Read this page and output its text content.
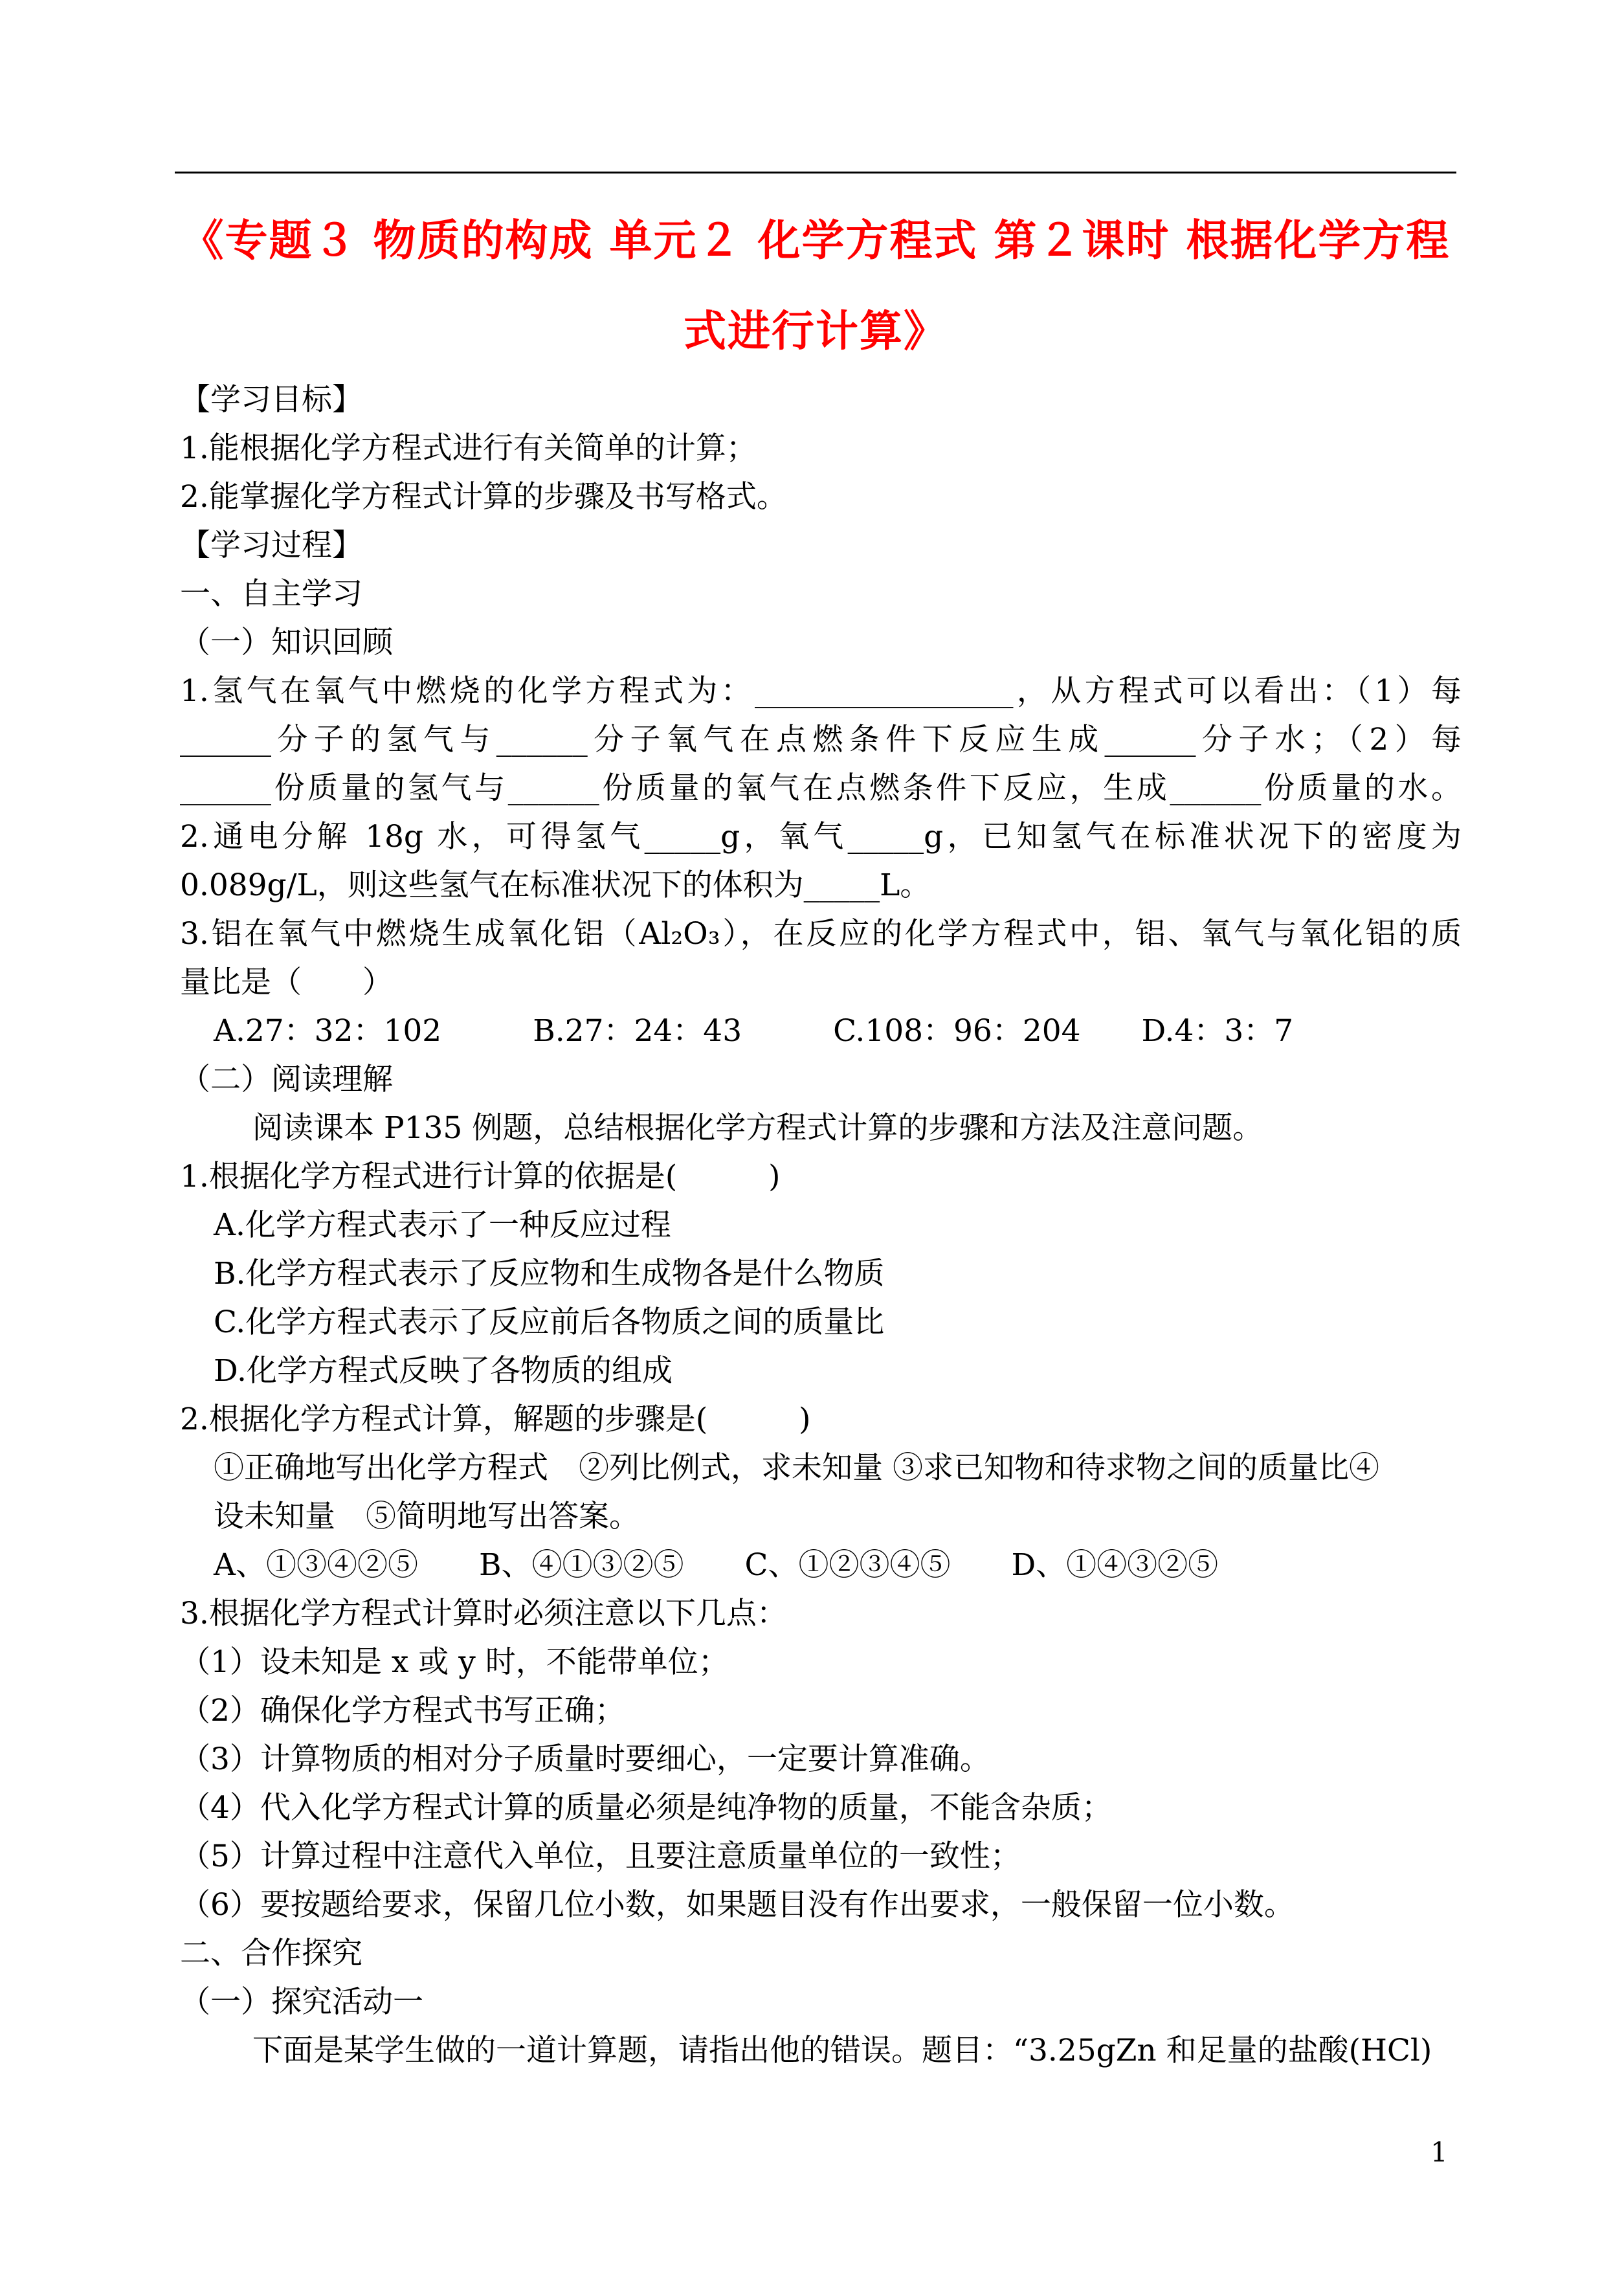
《专题３ 物质的构成 单元２ 化学方程式 第２课时 根据化学方程
式进行计算》
【学习目标】
1.能根据化学方程式进行有关简单的计算；
2.能掌握化学方程式计算的步骤及书写格式。
【学习过程】
一、自主学习
（一）知识回顾
1.氢气在氧气中燃烧的化学方程式为：_________________，从方程式可以看出：（1）每
______分子的氢气与______分子氧气在点燃条件下反应生成______分子水；（2）每
______份质量的氢气与______份质量的氧气在点燃条件下反应，生成______份质量的水。
2.通电分解 18g 水，可得氢气_____g，氧气_____g，已知氢气在标准状况下的密度为
0.089g/L，则这些氢气在标准状况下的体积为_____L。
3.铝在氧气中燃烧生成氧化铝（Al₂O₃），在反应的化学方程式中，铝、氧气与氧化铝的质
量比是（　　）
A.27：32：102　　　B.27：24：43　　　C.108：96：204　　D.4：3：7
（二）阅读理解
阅读课本 P135 例题，总结根据化学方程式计算的步骤和方法及注意问题。
1.根据化学方程式进行计算的依据是(　　　)
A.化学方程式表示了一种反应过程
B.化学方程式表示了反应物和生成物各是什么物质
C.化学方程式表示了反应前后各物质之间的质量比
D.化学方程式反映了各物质的组成
2.根据化学方程式计算，解题的步骤是(　　　)
①正确地写出化学方程式　②列比例式，求未知量 ③求已知物和待求物之间的质量比④
设未知量　⑤简明地写出答案。
A、①③④②⑤　　B、④①③②⑤　　C、①②③④⑤　　D、①④③②⑤
3.根据化学方程式计算时必须注意以下几点：
（1）设未知是 x 或 y 时，不能带单位；
（2）确保化学方程式书写正确；
（3）计算物质的相对分子质量时要细心，一定要计算准确。
（4）代入化学方程式计算的质量必须是纯净物的质量，不能含杂质；
（5）计算过程中注意代入单位，且要注意质量单位的一致性；
（6）要按题给要求，保留几位小数，如果题目没有作出要求，一般保留一位小数。
二、合作探究
（一）探究活动一
下面是某学生做的一道计算题，请指出他的错误。题目：“3.25gZn 和足量的盐酸(HCl)
1
